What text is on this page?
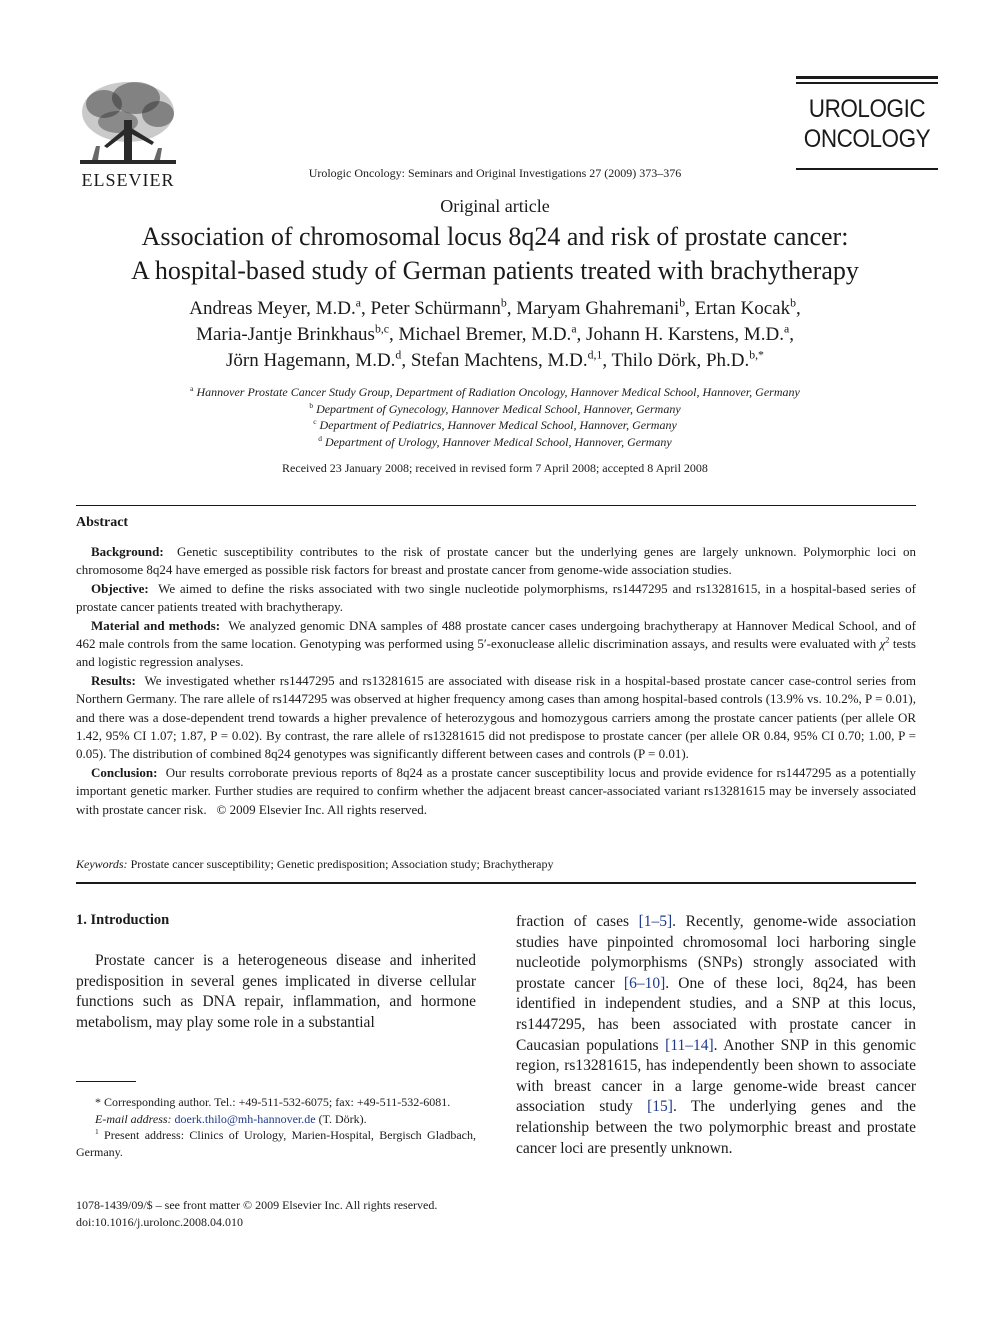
ELSEVIER	Urologic Oncology: Seminars and Original Investigations 27 (2009) 373–376
UROLOGIC
ONCOLOGY
Original article
Association of chromosomal locus 8q24 and risk of prostate cancer:
A hospital-based study of German patients treated with brachytherapy
Andreas Meyer, M.D.$^a$, Peter Schürmann$^b$, Maryam Ghahremani$^b$, Ertan Kocak$^b$,
Maria-Jantje Brinkhaus$^{b,c}$, Michael Bremer, M.D.$^a$, Johann H. Karstens, M.D.$^a$,
Jörn Hagemann, M.D.$^d$, Stefan Machtens, M.D.$^{d,1}$, Thilo Dörk, Ph.D.$^{b,*}$
$^a$ Hannover Prostate Cancer Study Group, Department of Radiation Oncology, Hannover Medical School, Hannover, Germany
$^b$ Department of Gynecology, Hannover Medical School, Hannover, Germany
$^c$ Department of Pediatrics, Hannover Medical School, Hannover, Germany
$^d$ Department of Urology, Hannover Medical School, Hannover, Germany
Received 23 January 2008; received in revised form 7 April 2008; accepted 8 April 2008
Abstract

Background: Genetic susceptibility contributes to the risk of prostate cancer but the underlying genes are largely unknown. Polymorphic loci on chromosome 8q24 have emerged as possible risk factors for breast and prostate cancer from genome-wide association studies.

Objective: We aimed to define the risks associated with two single nucleotide polymorphisms, rs1447295 and rs13281615, in a hospital-based series of prostate cancer patients treated with brachytherapy.

Material and methods: We analyzed genomic DNA samples of 488 prostate cancer cases undergoing brachytherapy at Hannover Medical School, and of 462 male controls from the same location. Genotyping was performed using 5′-exonuclease allelic discrimination assays, and results were evaluated with $\chi^2$ tests and logistic regression analyses.

Results: We investigated whether rs1447295 and rs13281615 are associated with disease risk in a hospital-based prostate cancer case-control series from Northern Germany. The rare allele of rs1447295 was observed at higher frequency among cases than among hospital-based controls (13.9% vs. 10.2%, P = 0.01), and there was a dose-dependent trend towards a higher prevalence of heterozygous and homozygous carriers among the prostate cancer patients (per allele OR 1.42, 95% CI 1.07; 1.87, P = 0.02). By contrast, the rare allele of rs13281615 did not predispose to prostate cancer (per allele OR 0.84, 95% CI 0.70; 1.00, P = 0.05). The distribution of combined 8q24 genotypes was significantly different between cases and controls (P = 0.01).

Conclusion: Our results corroborate previous reports of 8q24 as a prostate cancer susceptibility locus and provide evidence for rs1447295 as a potentially important genetic marker. Further studies are required to confirm whether the adjacent breast cancer-associated variant rs13281615 may be inversely associated with prostate cancer risk. © 2009 Elsevier Inc. All rights reserved.

Keywords: Prostate cancer susceptibility; Genetic predisposition; Association study; Brachytherapy

1. Introduction

Prostate cancer is a heterogeneous disease and inherited predisposition in several genes implicated in diverse cellular functions such as DNA repair, inflammation, and hormone metabolism, may play some role in a substantial

fraction of cases [1–5]. Recently, genome-wide association studies have pinpointed chromosomal loci harboring single nucleotide polymorphisms (SNPs) strongly associated with prostate cancer [6–10]. One of these loci, 8q24, has been identified in independent studies, and a SNP at this locus, rs1447295, has been associated with prostate cancer in Caucasian populations [11–14]. Another SNP in this genomic region, rs13281615, has independently been shown to associate with breast cancer in a large genome-wide breast cancer association study [15]. The underlying genes and the relationship between the two polymorphic breast and prostate cancer loci are presently unknown.

* Corresponding author. Tel.: +49-511-532-6075; fax: +49-511-532-6081.

E-mail address: doerk.thilo@mh-hannover.de (T. Dörk).

$^1$ Present address: Clinics of Urology, Marien-Hospital, Bergisch Gladbach, Germany.

1078-1439/09/$ – see front matter © 2009 Elsevier Inc. All rights reserved.
doi:10.1016/j.urolonc.2008.04.010
